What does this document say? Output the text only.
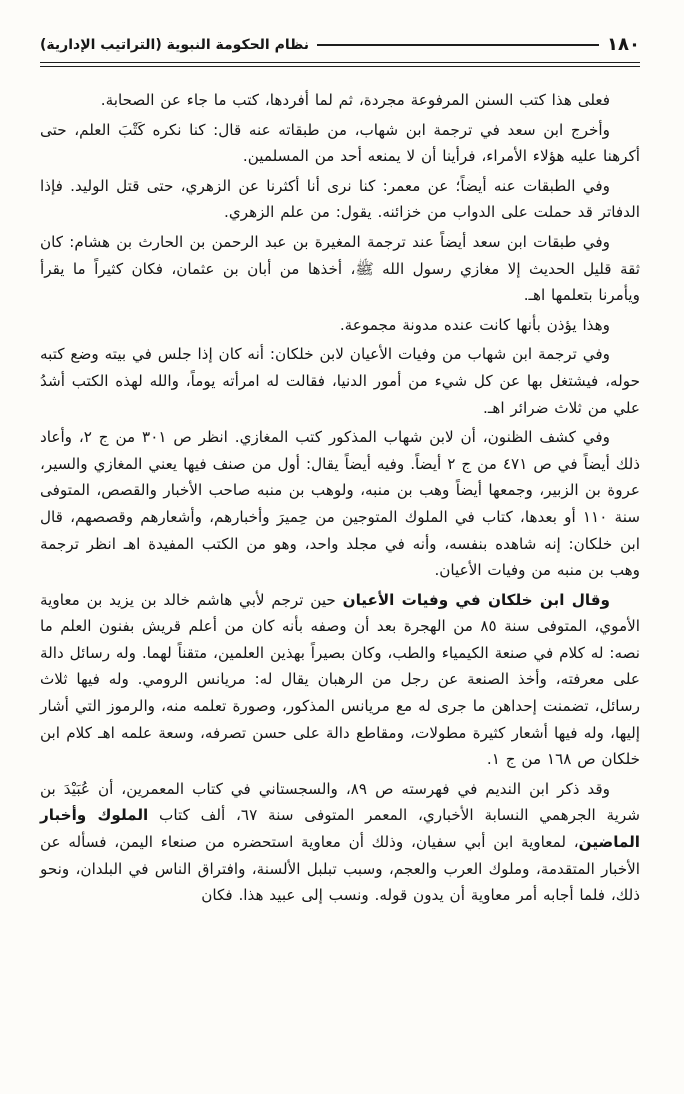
١٨٠
نظام الحكومة النبوية (التراتيب الإدارية)

فعلى هذا كتب السنن المرفوعة مجردة، ثم لما أفردها، كتب ما جاء عن الصحابة.

وأخرج ابن سعد في ترجمة ابن شهاب، من طبقاته عنه قال: كنا نكره كَتْبَ العلم، حتى أكرهنا عليه هؤلاء الأمراء، فرأينا أن لا يمنعه أحد من المسلمين.

وفي الطبقات عنه أيضاً؛ عن معمر: كنا نرى أنا أكثرنا عن الزهري، حتى قتل الوليد. فإذا الدفاتر قد حملت على الدواب من خزائنه. يقول: من علم الزهري.

وفي طبقات ابن سعد أيضاً عند ترجمة المغيرة بن عبد الرحمن بن الحارث بن هشام: كان ثقة قليل الحديث إلا مغازي رسول الله ﷺ، أخذها من أبان بن عثمان، فكان كثيراً ما يقرأ ويأمرنا بتعلمها اهـ.

وهذا يؤذن بأنها كانت عنده مدونة مجموعة.

وفي ترجمة ابن شهاب من وفيات الأعيان لابن خلكان: أنه كان إذا جلس في بيته وضع كتبه حوله، فيشتغل بها عن كل شيء من أمور الدنيا، فقالت له امرأته يوماً، والله لهذه الكتب أشدُ علي من ثلاث ضرائر اهـ.

وفي كشف الظنون، أن لابن شهاب المذكور كتب المغازي. انظر ص ٣٠١ من ج ٢، وأعاد ذلك أيضاً في ص ٤٧١ من ج ٢ أيضاً. وفيه أيضاً يقال: أول من صنف فيها يعني المغازي والسير، عروة بن الزبير، وجمعها أيضاً وهب بن منبه، ولوهب بن منبه صاحب الأخبار والقصص، المتوفى سنة ١١٠ أو بعدها، كتاب في الملوك المتوجين من حِميرَ وأخبارهم، وأشعارهم وقصصهم، قال ابن خلكان: إنه شاهده بنفسه، وأنه في مجلد واحد، وهو من الكتب المفيدة اهـ انظر ترجمة وهب بن منبه من وفيات الأعيان.

وقال ابن خلكان في وفيات الأعيان حين ترجم لأبي هاشم خالد بن يزيد بن معاوية الأموي، المتوفى سنة ٨٥ من الهجرة بعد أن وصفه بأنه كان من أعلم قريش بفنون العلم ما نصه: له كلام في صنعة الكيمياء والطب، وكان بصيراً بهذين العلمين، متقناً لهما. وله رسائل دالة على معرفته، وأخذ الصنعة عن رجل من الرهبان يقال له: مريانس الرومي. وله فيها ثلاث رسائل، تضمنت إحداهن ما جرى له مع مريانس المذكور، وصورة تعلمه منه، والرموز التي أشار إليها، وله فيها أشعار كثيرة مطولات، ومقاطع دالة على حسن تصرفه، وسعة علمه اهـ كلام ابن خلكان ص ١٦٨ من ج ١.

وقد ذكر ابن النديم في فهرسته ص ٨٩، والسجستاني في كتاب المعمرين، أن عُبَيْدَ بن شرية الجرهمي النسابة الأخباري، المعمر المتوفى سنة ٦٧، ألف كتاب الملوك وأخبار الماضين، لمعاوية ابن أبي سفيان، وذلك أن معاوية استحضره من صنعاء اليمن، فسأله عن الأخبار المتقدمة، وملوك العرب والعجم، وسبب تبلبل الألسنة، وافتراق الناس في البلدان، ونحو ذلك، فلما أجابه أمر معاوية أن يدون قوله. ونسب إلى عبيد هذا. فكان
